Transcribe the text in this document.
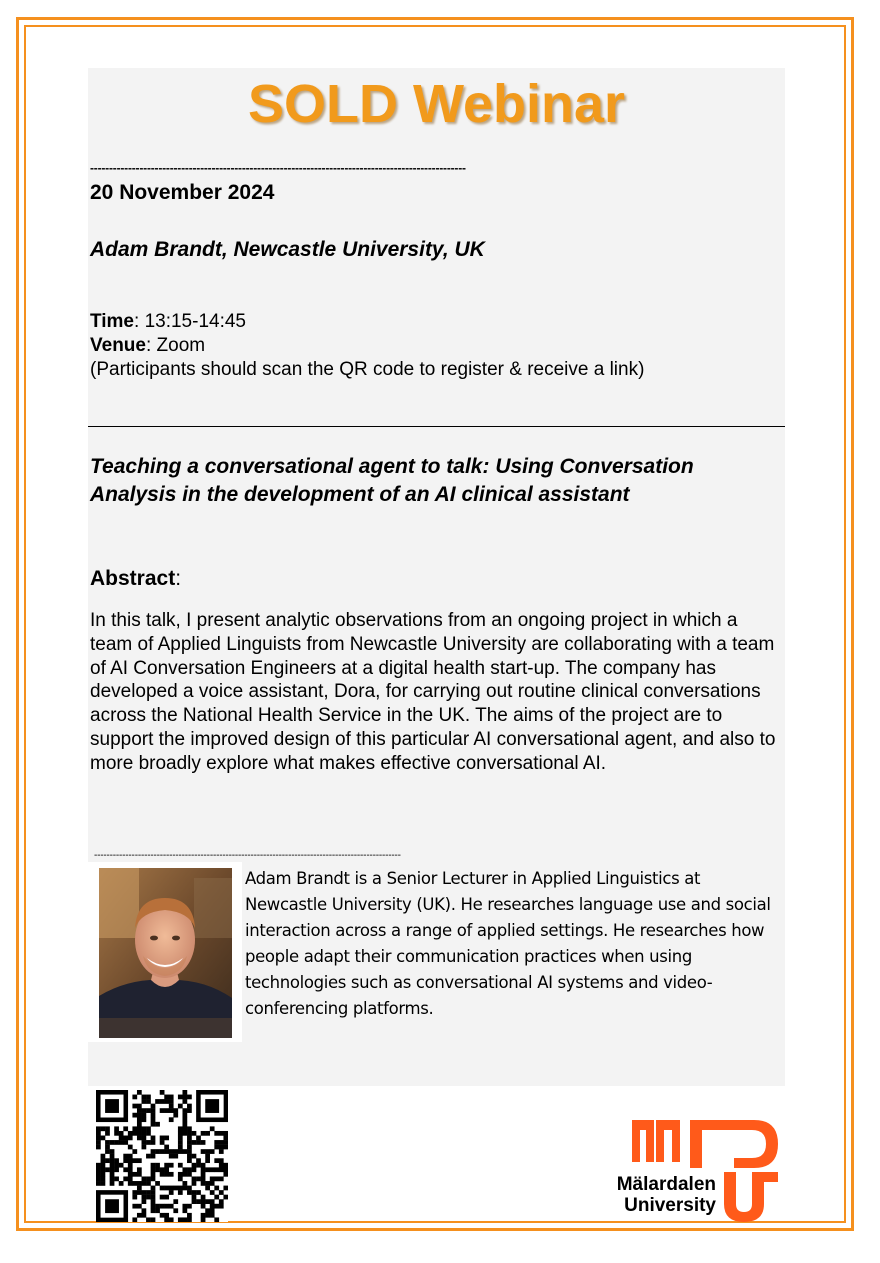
SOLD Webinar
---------------------------------------------------------------------------------------------------
20 November 2024
Adam Brandt, Newcastle University, UK
Time: 13:15-14:45
Venue: Zoom
(Participants should scan the QR code to register & receive a link)
Teaching a conversational agent to talk: Using Conversation Analysis in the development of an AI clinical assistant
Abstract:
In this talk, I present analytic observations from an ongoing project in which a team of Applied Linguists from Newcastle University are collaborating with a team of AI Conversation Engineers at a digital health start-up. The company has developed a voice assistant, Dora, for carrying out routine clinical conversations across the National Health Service in the UK. The aims of the project are to support the improved design of this particular AI conversational agent, and also to more broadly explore what makes effective conversational AI.
--------------------------------------------------------------------------------------------------
Adam Brandt is a Senior Lecturer in Applied Linguistics at Newcastle University (UK). He researches language use and social interaction across a range of applied settings. He researches how people adapt their communication practices when using technologies such as conversational AI systems and video-conferencing platforms.
Mälardalen
University
